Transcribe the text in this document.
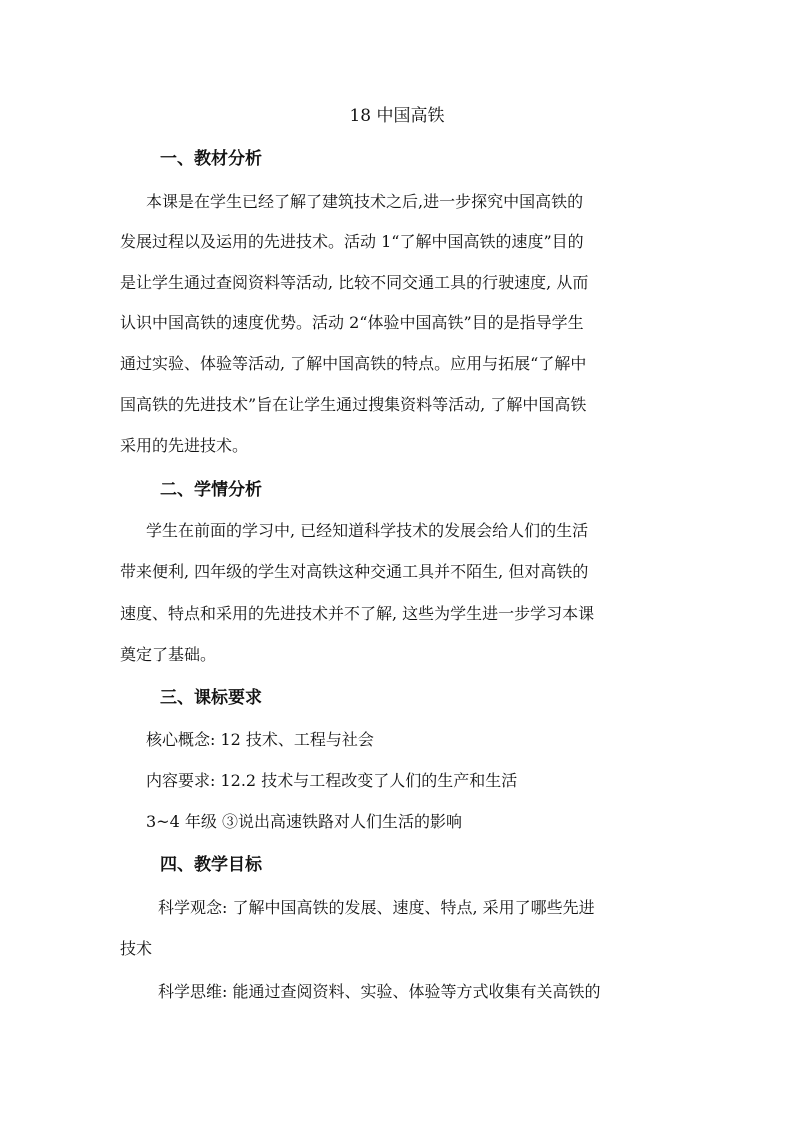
18 中国高铁
一、教材分析
本课是在学生已经了解了建筑技术之后,进一步探究中国高铁的
发展过程以及运用的先进技术。活动 1“了解中国高铁的速度”目的
是让学生通过查阅资料等活动, 比较不同交通工具的行驶速度, 从而
认识中国高铁的速度优势。活动 2“体验中国高铁”目的是指导学生
通过实验、体验等活动, 了解中国高铁的特点。应用与拓展“了解中
国高铁的先进技术”旨在让学生通过搜集资料等活动, 了解中国高铁
采用的先进技术。
二、学情分析
学生在前面的学习中, 已经知道科学技术的发展会给人们的生活
带来便利, 四年级的学生对高铁这种交通工具并不陌生, 但对高铁的
速度、特点和采用的先进技术并不了解, 这些为学生进一步学习本课
奠定了基础。
三、课标要求
核心概念: 12 技术、工程与社会
内容要求: 12.2 技术与工程改变了人们的生产和生活
3~4 年级 ③说出高速铁路对人们生活的影响
四、教学目标
科学观念: 了解中国高铁的发展、速度、特点, 采用了哪些先进
技术
科学思维: 能通过查阅资料、实验、体验等方式收集有关高铁的
